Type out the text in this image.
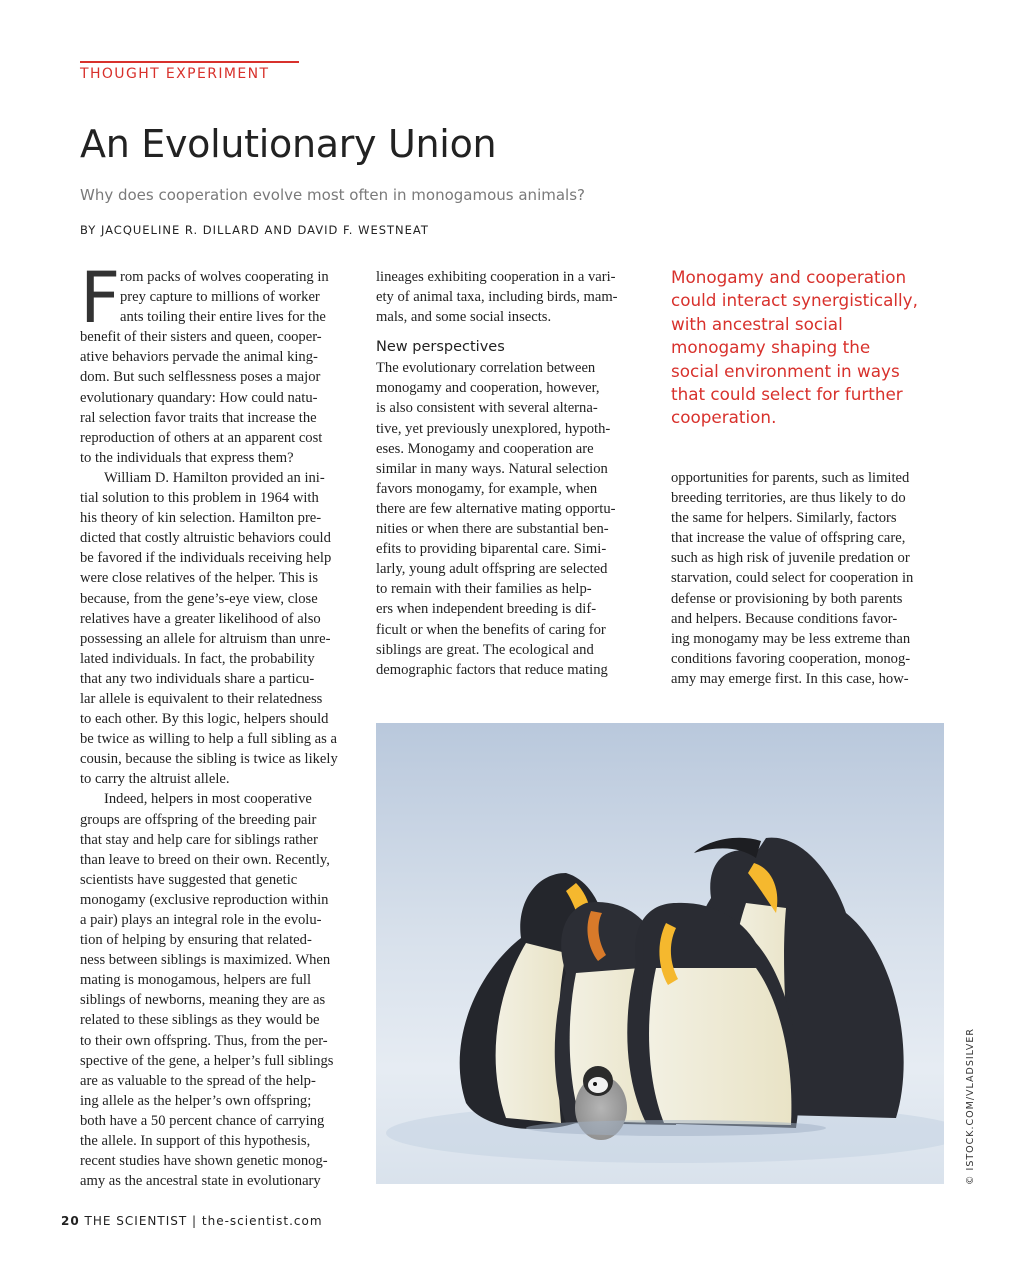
THOUGHT EXPERIMENT
An Evolutionary Union
Why does cooperation evolve most often in monogamous animals?
BY JACQUELINE R. DILLARD AND DAVID F. WESTNEAT
F rom packs of wolves cooperating in
prey capture to millions of worker
ants toiling their entire lives for the
benefit of their sisters and queen, cooper-
ative behaviors pervade the animal king-
dom. But such selflessness poses a major
evolutionary quandary: How could natu-
ral selection favor traits that increase the
reproduction of others at an apparent cost
to the individuals that express them?
William D. Hamilton provided an ini-
tial solution to this problem in 1964 with
his theory of kin selection. Hamilton pre-
dicted that costly altruistic behaviors could
be favored if the individuals receiving help
were close relatives of the helper. This is
because, from the gene’s-eye view, close
relatives have a greater likelihood of also
possessing an allele for altruism than unre-
lated individuals. In fact, the probability
that any two individuals share a particu-
lar allele is equivalent to their relatedness
to each other. By this logic, helpers should
be twice as willing to help a full sibling as a
cousin, because the sibling is twice as likely
to carry the altruist allele.
Indeed, helpers in most cooperative
groups are offspring of the breeding pair
that stay and help care for siblings rather
than leave to breed on their own. Recently,
scientists have suggested that genetic
monogamy (exclusive reproduction within
a pair) plays an integral role in the evolu-
tion of helping by ensuring that related-
ness between siblings is maximized. When
mating is monogamous, helpers are full
siblings of newborns, meaning they are as
related to these siblings as they would be
to their own offspring. Thus, from the per-
spective of the gene, a helper’s full siblings
are as valuable to the spread of the help-
ing allele as the helper’s own offspring;
both have a 50 percent chance of carrying
the allele. In support of this hypothesis,
recent studies have shown genetic monog-
amy as the ancestral state in evolutionary
lineages exhibiting cooperation in a vari-
ety of animal taxa, including birds, mam-
mals, and some social insects.
New perspectives
The evolutionary correlation between
monogamy and cooperation, however,
is also consistent with several alterna-
tive, yet previously unexplored, hypoth-
eses. Monogamy and cooperation are
similar in many ways. Natural selection
favors monogamy, for example, when
there are few alternative mating opportu-
nities or when there are substantial ben-
efits to providing biparental care. Simi-
larly, young adult offspring are selected
to remain with their families as help-
ers when independent breeding is dif-
ficult or when the benefits of caring for
siblings are great. The ecological and
demographic factors that reduce mating
Monogamy and cooperation
could interact synergistically,
with ancestral social
monogamy shaping the
social environment in ways
that could select for further
cooperation.
opportunities for parents, such as limited
breeding territories, are thus likely to do
the same for helpers. Similarly, factors
that increase the value of offspring care,
such as high risk of juvenile predation or
starvation, could select for cooperation in
defense or provisioning by both parents
and helpers. Because conditions favor-
ing monogamy may be less extreme than
conditions favoring cooperation, monog-
amy may emerge first. In this case, how-
© ISTOCK.COM/VLADSILVER
20 THE SCIENTIST | the-scientist.com
